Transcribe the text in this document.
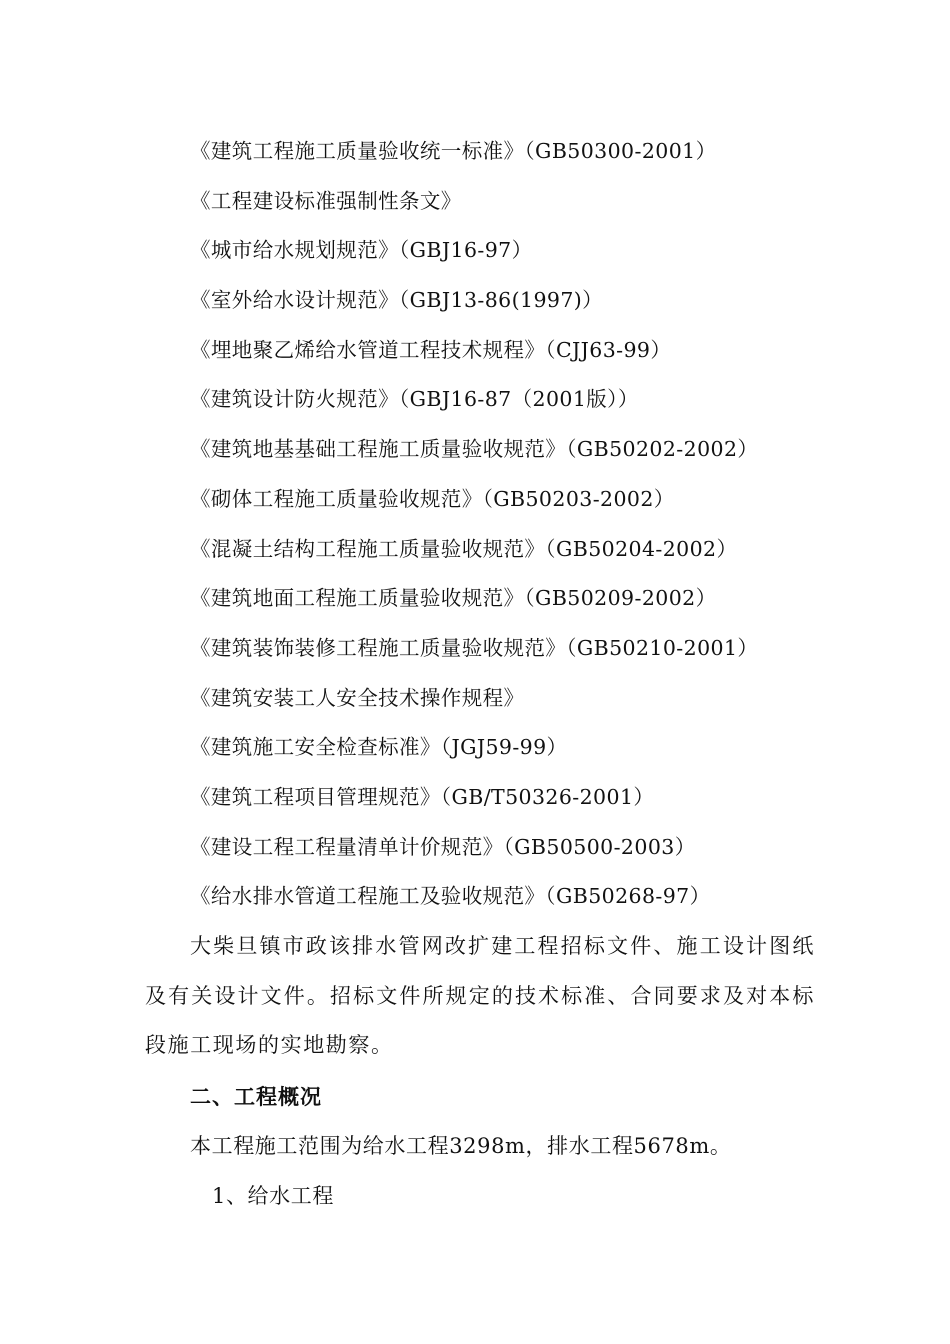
《建筑工程施工质量验收统一标准》（GB50300-2001）
《工程建设标准强制性条文》
《城市给水规划规范》（GBJ16-97）
《室外给水设计规范》（GBJ13-86(1997)）
《埋地聚乙烯给水管道工程技术规程》（CJJ63-99）
《建筑设计防火规范》（GBJ16-87（2001版））
《建筑地基基础工程施工质量验收规范》（GB50202-2002）
《砌体工程施工质量验收规范》（GB50203-2002）
《混凝土结构工程施工质量验收规范》（GB50204-2002）
《建筑地面工程施工质量验收规范》（GB50209-2002）
《建筑装饰装修工程施工质量验收规范》（GB50210-2001）
《建筑安装工人安全技术操作规程》
《建筑施工安全检查标准》（JGJ59-99）
《建筑工程项目管理规范》（GB/T50326-2001）
《建设工程工程量清单计价规范》（GB50500-2003）
《给水排水管道工程施工及验收规范》（GB50268-97）

大柴旦镇市政该排水管网改扩建工程招标文件、施工设计图纸及有关设计文件。招标文件所规定的技术标准、合同要求及对本标段施工现场的实地勘察。

二、工程概况

本工程施工范围为给水工程3298m，排水工程5678m。

1、给水工程
